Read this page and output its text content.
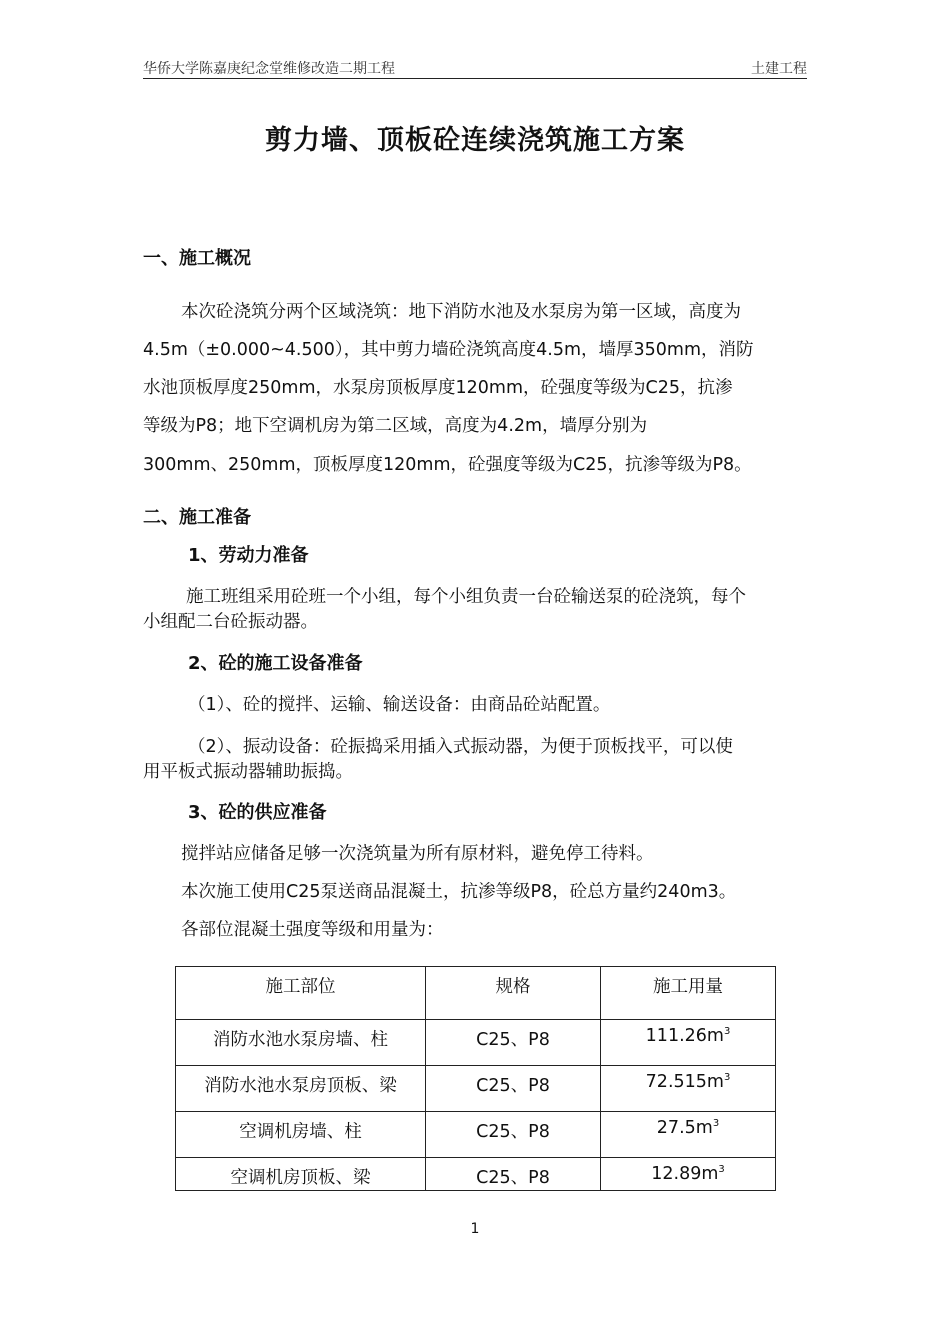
华侨大学陈嘉庚纪念堂维修改造二期工程	土建工程
剪力墙、顶板砼连续浇筑施工方案
一、施工概况
本次砼浇筑分两个区域浇筑：地下消防水池及水泵房为第一区域，高度为
4.5m（±0.000~4.500），其中剪力墙砼浇筑高度4.5m，墙厚350mm，消防
水池顶板厚度250mm，水泵房顶板厚度120mm，砼强度等级为C25，抗渗
等级为P8；地下空调机房为第二区域，高度为4.2m，墙厚分别为
300mm、250mm，顶板厚度120mm，砼强度等级为C25，抗渗等级为P8。
二、施工准备
1、劳动力准备
施工班组采用砼班一个小组，每个小组负责一台砼输送泵的砼浇筑，每个
小组配二台砼振动器。
2、砼的施工设备准备
（1）、砼的搅拌、运输、输送设备：由商品砼站配置。
（2）、振动设备：砼振捣采用插入式振动器，为便于顶板找平，可以使
用平板式振动器辅助振捣。
3、砼的供应准备
搅拌站应储备足够一次浇筑量为所有原材料，避免停工待料。
本次施工使用C25泵送商品混凝土，抗渗等级P8，砼总方量约240m3。
各部位混凝土强度等级和用量为：
施工部位	规格	施工用量
消防水池水泵房墙、柱	C25、P8	$111.26m^3$
消防水池水泵房顶板、梁	C25、P8	$72.515m^3$
空调机房墙、柱	C25、P8	$27.5m^3$
空调机房顶板、梁	C25、P8	$12.89m^3$
1
